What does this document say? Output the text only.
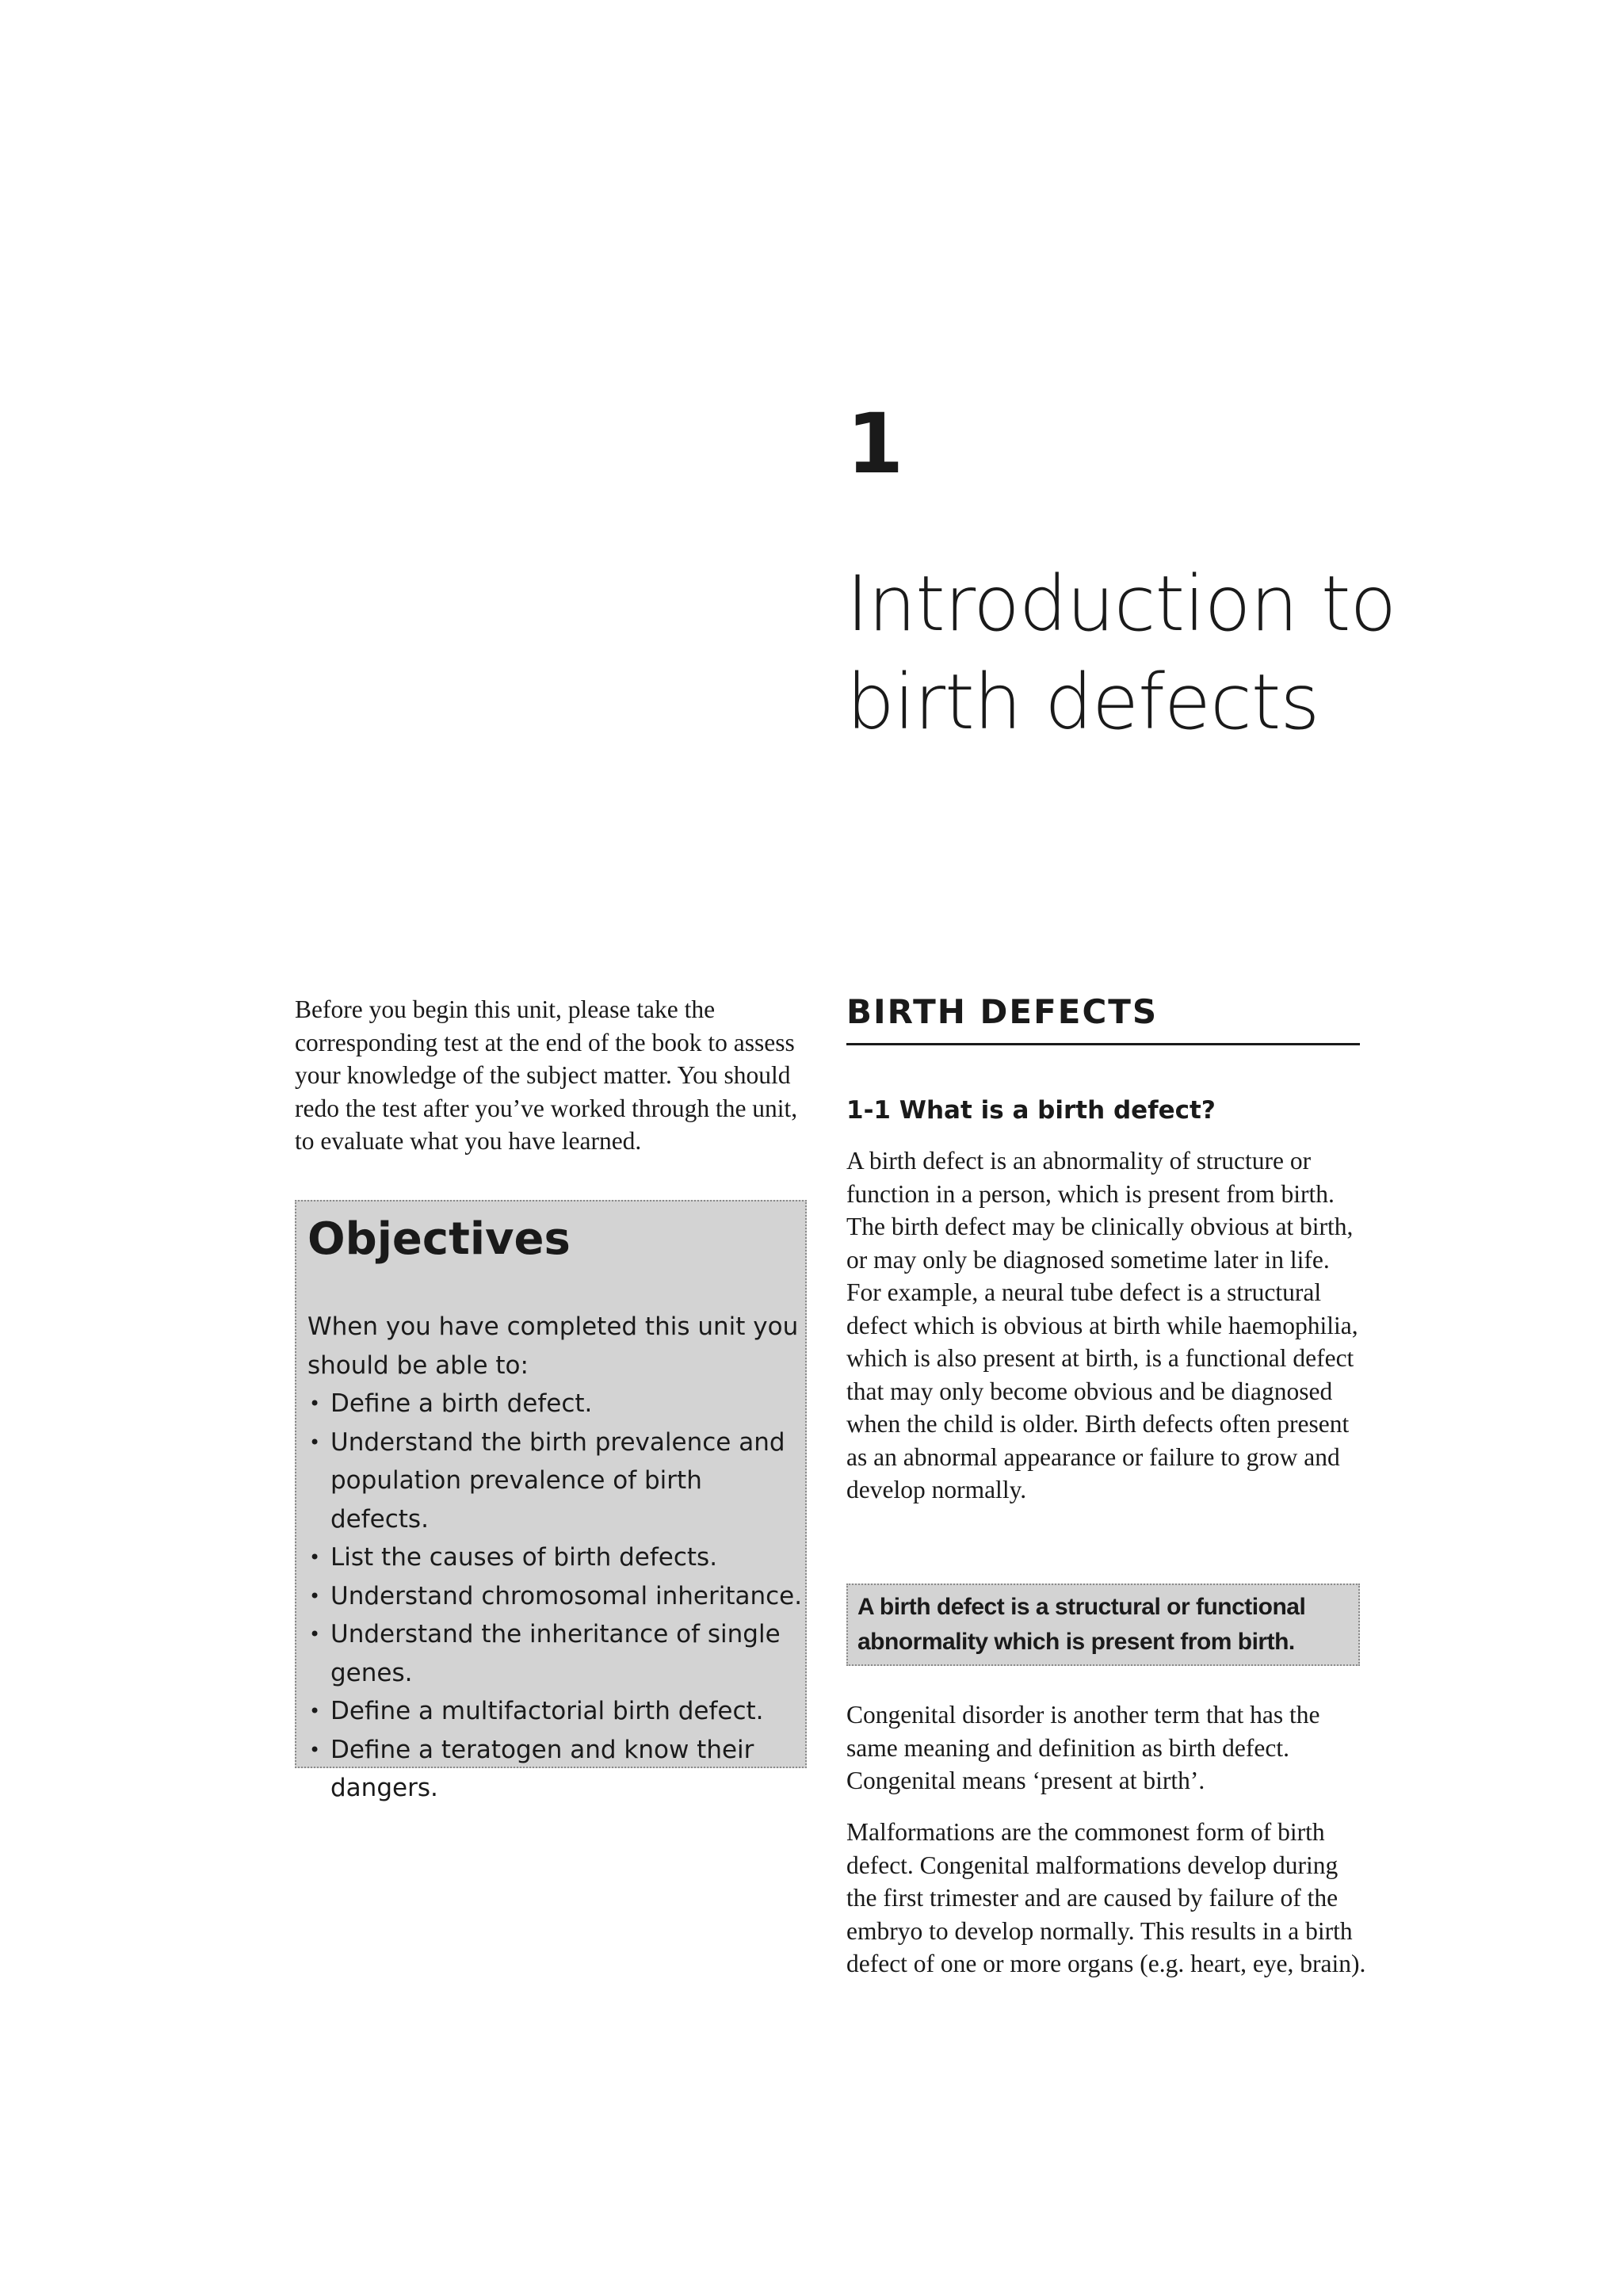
1
Introduction to birth defects

Before you begin this unit, please take the corresponding test at the end of the book to assess your knowledge of the subject matter. You should redo the test after you’ve worked through the unit, to evaluate what you have learned.

Objectives

When you have completed this unit you should be able to:

• Define a birth defect.
• Understand the birth prevalence and population prevalence of birth defects.
• List the causes of birth defects.
• Understand chromosomal inheritance.
• Understand the inheritance of single genes.
• Define a multifactorial birth defect.
• Define a teratogen and know their dangers.
BIRTH DEFECTS
1-1 What is a birth defect?

A birth defect is an abnormality of structure or function in a person, which is present from birth. The birth defect may be clinically obvious at birth, or may only be diagnosed sometime later in life. For example, a neural tube defect is a structural defect which is obvious at birth while haemophilia, which is also present at birth, is a functional defect that may only become obvious and be diagnosed when the child is older. Birth defects often present as an abnormal appearance or failure to grow and develop normally.

A birth defect is a structural or functional abnormality which is present from birth.

Congenital disorder is another term that has the same meaning and definition as birth defect. Congenital means ‘present at birth’.

Malformations are the commonest form of birth defect. Congenital malformations develop during the first trimester and are caused by failure of the embryo to develop normally. This results in a birth defect of one or more organs (e.g. heart, eye, brain).
